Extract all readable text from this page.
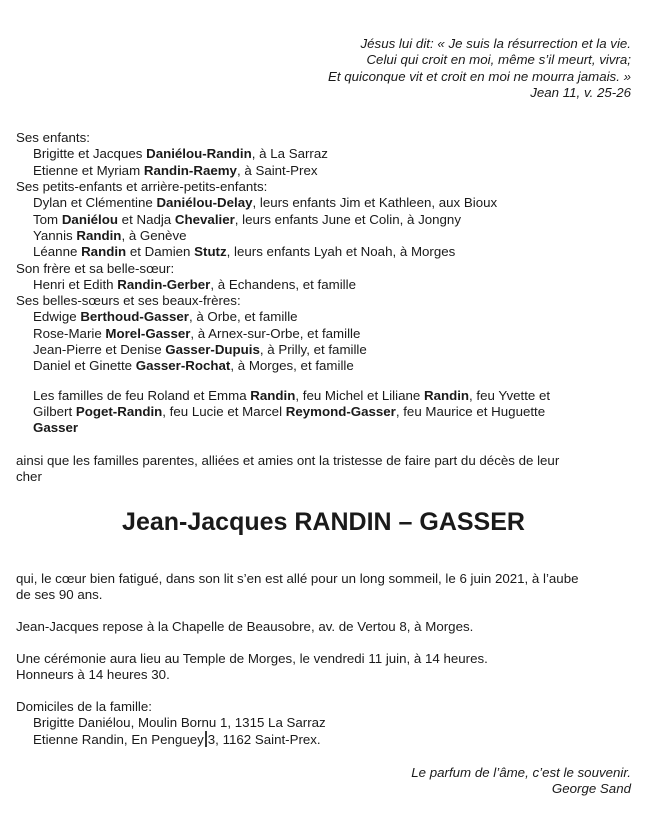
Jésus lui dit: « Je suis la résurrection et la vie.
Celui qui croit en moi, même s’il meurt, vivra;
Et quiconque vit et croit en moi ne mourra jamais. »
Jean 11, v. 25-26
Ses enfants:
Brigitte et Jacques Daniélou-Randin, à La Sarraz
Etienne et Myriam Randin-Raemy, à Saint-Prex
Ses petits-enfants et arrière-petits-enfants:
Dylan et Clémentine Daniélou-Delay, leurs enfants Jim et Kathleen, aux Bioux
Tom Daniélou et Nadja Chevalier, leurs enfants June et Colin, à Jongny
Yannis Randin, à Genève
Léanne Randin et Damien Stutz, leurs enfants Lyah et Noah, à Morges
Son frère et sa belle-sœur:
Henri et Edith Randin-Gerber, à Echandens, et famille
Ses belles-sœurs et ses beaux-frères:
Edwige Berthoud-Gasser, à Orbe, et famille
Rose-Marie Morel-Gasser, à Arnex-sur-Orbe, et famille
Jean-Pierre et Denise Gasser-Dupuis, à Prilly, et famille
Daniel et Ginette Gasser-Rochat, à Morges, et famille
Les familles de feu Roland et Emma Randin, feu Michel et Liliane Randin, feu Yvette et
Gilbert Poget-Randin, feu Lucie et Marcel Reymond-Gasser, feu Maurice et Huguette
Gasser
ainsi que les familles parentes, alliées et amies ont la tristesse de faire part du décès de leur
cher
Jean-Jacques RANDIN – GASSER
qui, le cœur bien fatigué, dans son lit s’en est allé pour un long sommeil, le 6 juin 2021, à l’aube
de ses 90 ans.
Jean-Jacques repose à la Chapelle de Beausobre, av. de Vertou 8, à Morges.
Une cérémonie aura lieu au Temple de Morges, le vendredi 11 juin, à 14 heures.
Honneurs à 14 heures 30.
Domiciles de la famille:
Brigitte Daniélou, Moulin Bornu 1, 1315 La Sarraz
Etienne Randin, En Penguey 3, 1162 Saint-Prex.
Le parfum de l’âme, c’est le souvenir.
George Sand
